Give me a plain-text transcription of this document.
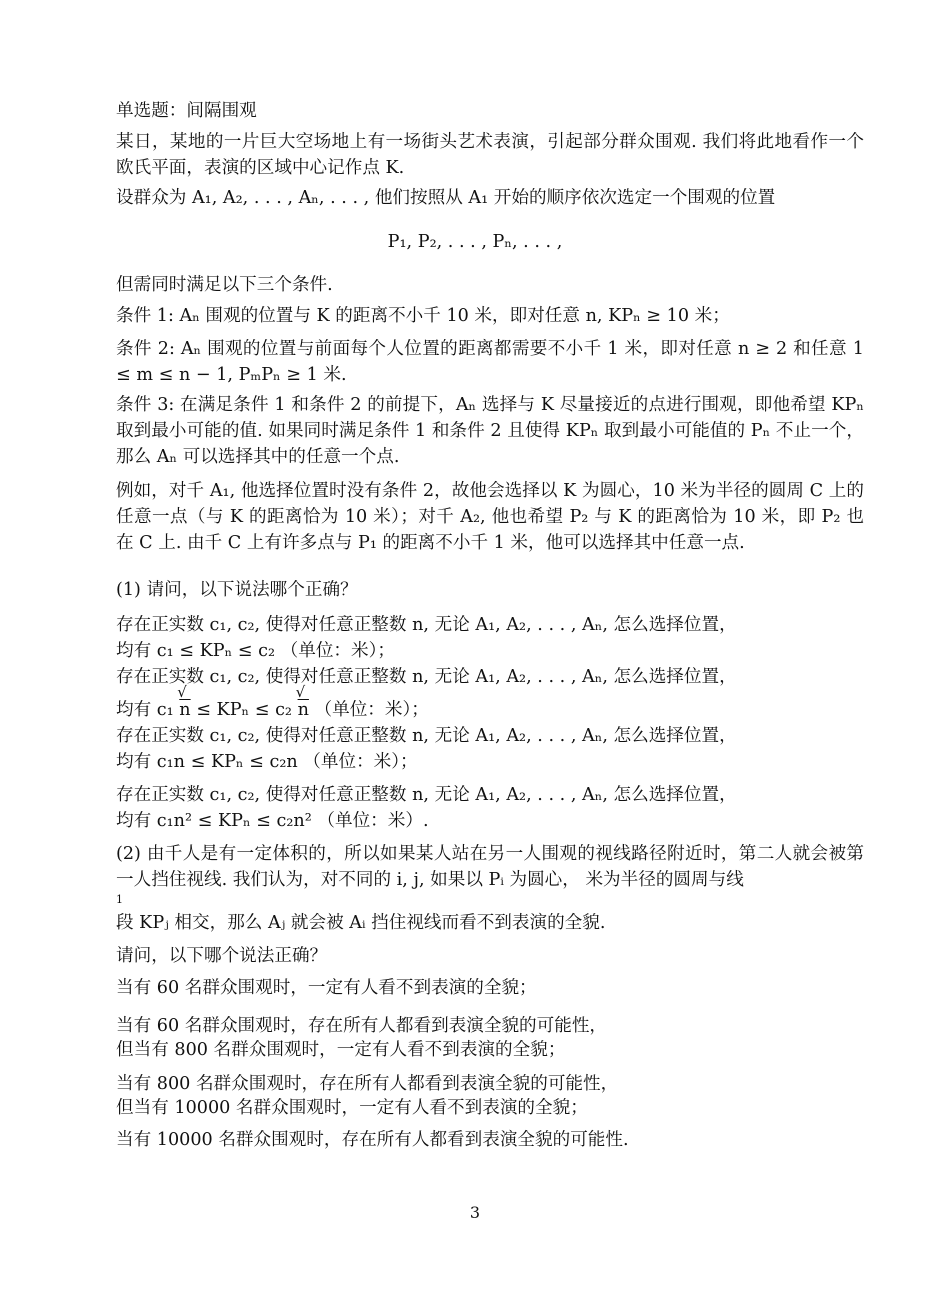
单选题：间隔围观
某日，某地的一片巨大空场地上有一场街头艺术表演，引起部分群众围观. 我们将此地看作一个欧氏平面，表演的区域中心记作点 K.
设群众为 A₁, A₂, . . . , Aₙ, . . . , 他们按照从 A₁ 开始的顺序依次选定一个围观的位置
P₁, P₂, . . . , Pₙ, . . . ,
但需同时满足以下三个条件.
条件 1: Aₙ 围观的位置与 K 的距离不小千 10 米，即对任意 n, KPₙ ≥ 10 米；
条件 2: Aₙ 围观的位置与前面每个人位置的距离都需要不小千 1 米，即对任意 n ≥ 2 和任意 1 ≤ m ≤ n − 1, PₘPₙ ≥ 1 米.
条件 3: 在满足条件 1 和条件 2 的前提下，Aₙ 选择与 K 尽量接近的点进行围观，即他希望 KPₙ 取到最小可能的值. 如果同时满足条件 1 和条件 2 且使得 KPₙ 取到最小可能值的 Pₙ 不止一个，那么 Aₙ 可以选择其中的任意一个点.
例如，对千 A₁, 他选择位置时没有条件 2，故他会选择以 K 为圆心，10 米为半径的圆周 C 上的任意一点（与 K 的距离恰为 10 米）；对千 A₂, 他也希望 P₂ 与 K 的距离恰为 10 米，即 P₂ 也在 C 上. 由千 C 上有许多点与 P₁ 的距离不小千 1 米，他可以选择其中任意一点.
(1) 请问，以下说法哪个正确？
存在正实数 c₁, c₂, 使得对任意正整数 n, 无论 A₁, A₂, . . . , Aₙ, 怎么选择位置，
均有 c₁ ≤ KPₙ ≤ c₂ （单位：米）；
存在正实数 c₁, c₂, 使得对任意正整数 n, 无论 A₁, A₂, . . . , Aₙ, 怎么选择位置，
均有 c₁
√
n ≤ KPₙ ≤ c₂
√
n （单位：米）；
存在正实数 c₁, c₂, 使得对任意正整数 n, 无论 A₁, A₂, . . . , Aₙ, 怎么选择位置，
均有 c₁n ≤ KPₙ ≤ c₂n （单位：米）；
存在正实数 c₁, c₂, 使得对任意正整数 n, 无论 A₁, A₂, . . . , Aₙ, 怎么选择位置，
均有 c₁n² ≤ KPₙ ≤ c₂n² （单位：米）.
(2) 由千人是有一定体积的，所以如果某人站在另一人围观的视线路径附近时，第二人就会被第一人挡住视线. 我们认为，对不同的 i, j, 如果以 Pᵢ 为圆心， 米为半径的圆周与线
1
段 KPⱼ 相交，那么 Aⱼ 就会被 Aᵢ 挡住视线而看不到表演的全貌.
请问，以下哪个说法正确？
当有 60 名群众围观时，一定有人看不到表演的全貌；
当有 60 名群众围观时，存在所有人都看到表演全貌的可能性，
但当有 800 名群众围观时，一定有人看不到表演的全貌；
当有 800 名群众围观时，存在所有人都看到表演全貌的可能性，
但当有 10000 名群众围观时，一定有人看不到表演的全貌；
当有 10000 名群众围观时，存在所有人都看到表演全貌的可能性.
3
